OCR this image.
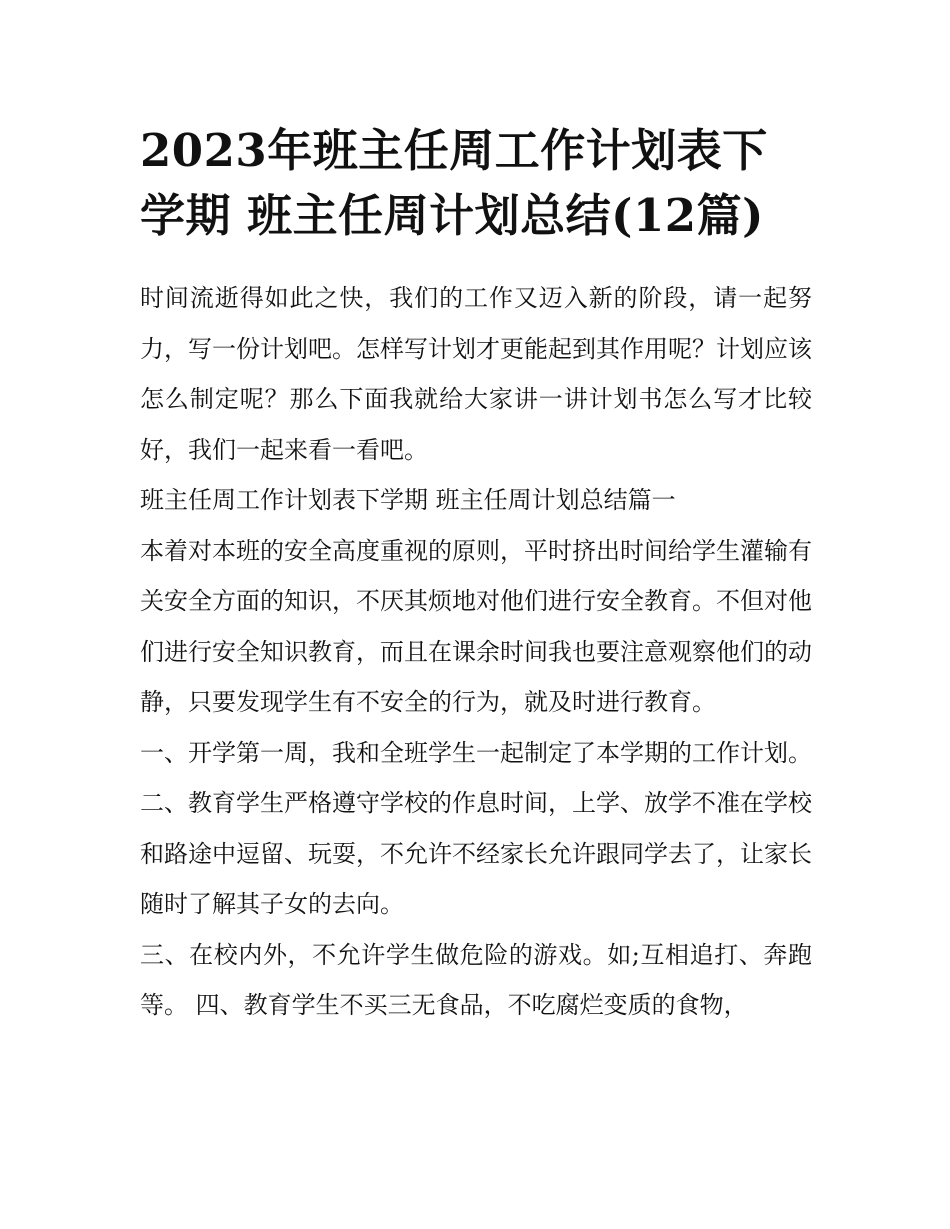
2023年班主任周工作计划表下学期 班主任周计划总结(12篇)

时间流逝得如此之快，我们的工作又迈入新的阶段，请一起努力，写一份计划吧。怎样写计划才更能起到其作用呢？计划应该怎么制定呢？那么下面我就给大家讲一讲计划书怎么写才比较好，我们一起来看一看吧。

班主任周工作计划表下学期 班主任周计划总结篇一

本着对本班的安全高度重视的原则，平时挤出时间给学生灌输有关安全方面的知识，不厌其烦地对他们进行安全教育。不但对他们进行安全知识教育，而且在课余时间我也要注意观察他们的动静，只要发现学生有不安全的行为，就及时进行教育。

一、开学第一周，我和全班学生一起制定了本学期的工作计划。

二、教育学生严格遵守学校的作息时间，上学、放学不准在学校和路途中逗留、玩耍，不允许不经家长允许跟同学去了，让家长随时了解其子女的去向。

三、在校内外，不允许学生做危险的游戏。如;互相追打、奔跑等。 四、教育学生不买三无食品，不吃腐烂变质的食物，
